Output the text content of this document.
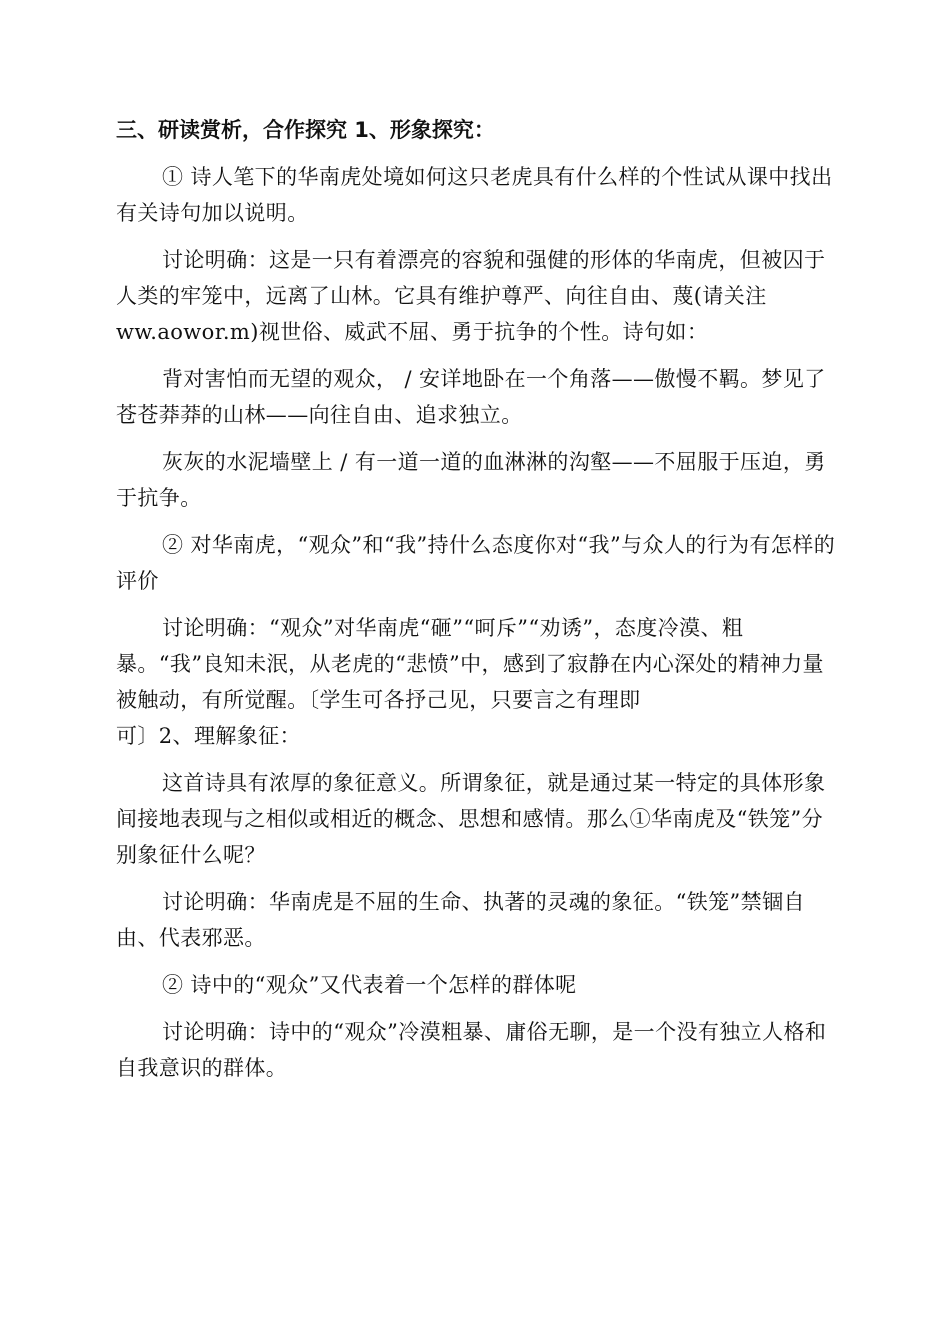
三、研读赏析，合作探究 1、形象探究：

① 诗人笔下的华南虎处境如何这只老虎具有什么样的个性试从课中找出有关诗句加以说明。

讨论明确：这是一只有着漂亮的容貌和强健的形体的华南虎，但被囚于人类的牢笼中，远离了山林。它具有维护尊严、向往自由、蔑(请关注ww.aowor.m)视世俗、威武不屈、勇于抗争的个性。诗句如：

背对害怕而无望的观众， / 安详地卧在一个角落——傲慢不羁。梦见了苍苍莽莽的山林——向往自由、追求独立。

灰灰的水泥墙壁上 / 有一道一道的血淋淋的沟壑——不屈服于压迫，勇于抗争。

② 对华南虎，“观众”和“我”持什么态度你对“我”与众人的行为有怎样的评价

讨论明确：“观众”对华南虎“砸”“呵斥”“劝诱”，态度冷漠、粗暴。“我”良知未泯，从老虎的“悲愤”中，感到了寂静在内心深处的精神力量被触动，有所觉醒。〔学生可各抒己见，只要言之有理即

可〕2、理解象征：

这首诗具有浓厚的象征意义。所谓象征，就是通过某一特定的具体形象间接地表现与之相似或相近的概念、思想和感情。那么①华南虎及“铁笼”分别象征什么呢？

讨论明确：华南虎是不屈的生命、执著的灵魂的象征。“铁笼”禁锢自由、代表邪恶。

② 诗中的“观众”又代表着一个怎样的群体呢

讨论明确：诗中的“观众”冷漠粗暴、庸俗无聊，是一个没有独立人格和自我意识的群体。
